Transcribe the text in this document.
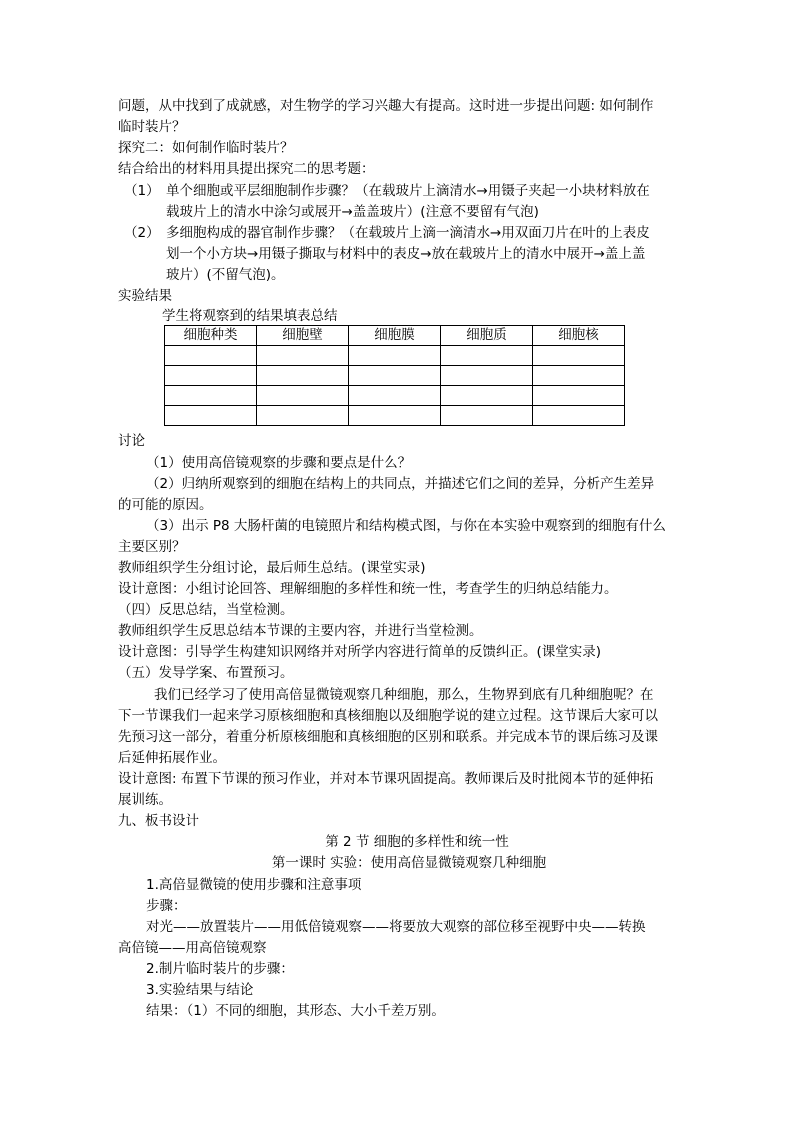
问题，从中找到了成就感，对生物学的学习兴趣大有提高。这时进一步提出问题: 如何制作
临时装片？
探究二：如何制作临时装片？
结合给出的材料用具提出探究二的思考题：
（1） 单个细胞或平层细胞制作步骤？（在载玻片上滴清水→用镊子夹起一小块材料放在
载玻片上的清水中涂匀或展开→盖盖玻片）(注意不要留有气泡)
（2） 多细胞构成的器官制作步骤？（在载玻片上滴一滴清水→用双面刀片在叶的上表皮
划一个小方块→用镊子撕取与材料中的表皮→放在载玻片上的清水中展开→盖上盖
玻片）(不留气泡)。
实验结果
学生将观察到的结果填表总结
细胞种类	细胞壁	细胞膜	细胞质	细胞核

讨论
（1）使用高倍镜观察的步骤和要点是什么？
（2）归纳所观察到的细胞在结构上的共同点，并描述它们之间的差异，分析产生差异
的可能的原因。
（3）出示 P8 大肠杆菌的电镜照片和结构模式图，与你在本实验中观察到的细胞有什么
主要区别？
教师组织学生分组讨论，最后师生总结。(课堂实录)
设计意图：小组讨论回答、理解细胞的多样性和统一性，考查学生的归纳总结能力。
（四）反思总结，当堂检测。
教师组织学生反思总结本节课的主要内容，并进行当堂检测。
设计意图：引导学生构建知识网络并对所学内容进行简单的反馈纠正。(课堂实录)
（五）发导学案、布置预习。
我们已经学习了使用高倍显微镜观察几种细胞，那么，生物界到底有几种细胞呢？在
下一节课我们一起来学习原核细胞和真核细胞以及细胞学说的建立过程。这节课后大家可以
先预习这一部分，着重分析原核细胞和真核细胞的区别和联系。并完成本节的课后练习及课
后延伸拓展作业。
设计意图: 布置下节课的预习作业，并对本节课巩固提高。教师课后及时批阅本节的延伸拓
展训练。
九、板书设计
第 2 节 细胞的多样性和统一性
第一课时 实验：使用高倍显微镜观察几种细胞
1.高倍显微镜的使用步骤和注意事项
步骤：
对光——放置装片——用低倍镜观察——将要放大观察的部位移至视野中央——转换
高倍镜——用高倍镜观察
2.制片临时装片的步骤：
3.实验结果与结论
结果：（1）不同的细胞，其形态、大小千差万别。
